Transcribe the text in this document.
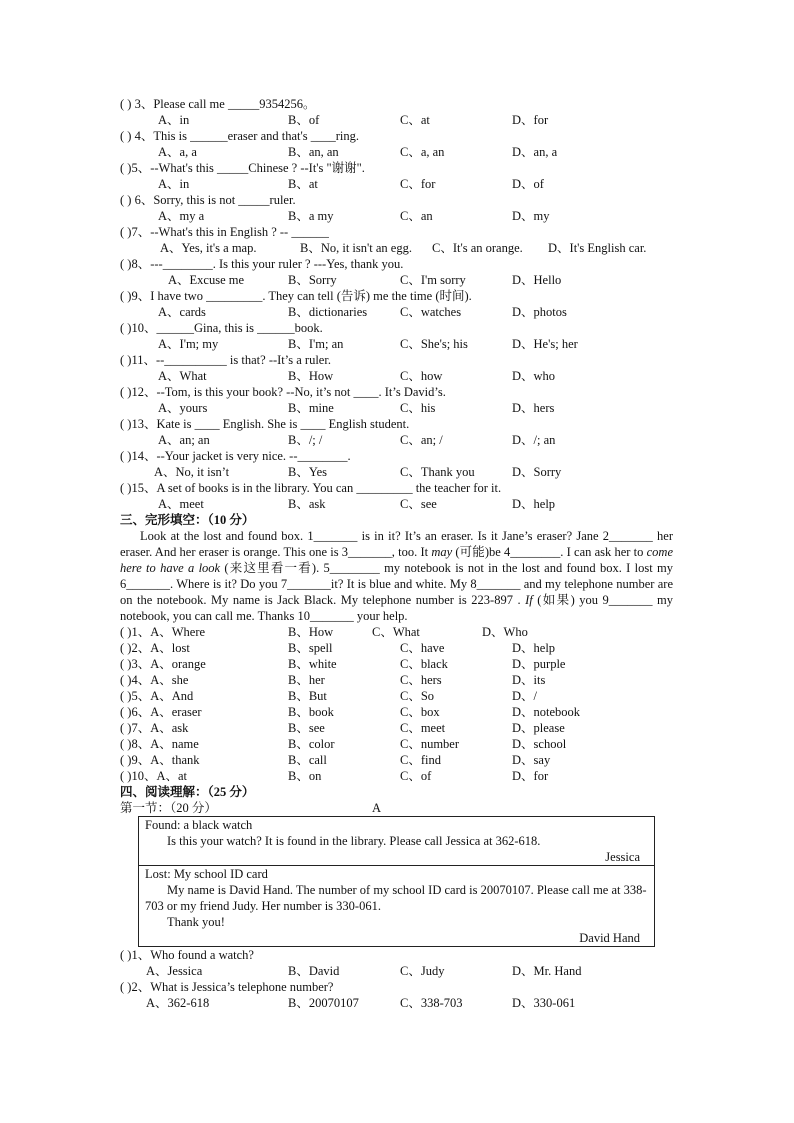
( ) 3、Please call me _____9354256。
A、in	B、of	C、at	D、for
( ) 4、This is ______eraser and that's ____ring.
A、a, a	B、an, an	C、a, an	D、an, a
( )5、--What's this _____Chinese ? --It's "谢谢".
A、in	B、at	C、for	D、of
( ) 6、Sorry, this is not _____ruler.
A、my a	B、a my	C、an	D、my
( )7、--What's this in English ? -- ______
A、Yes, it's a map.	B、No, it isn't an egg. C、It's an orange. D、It's English car.
( )8、---________. Is this your ruler ? ---Yes, thank you.
A、Excuse me	B、Sorry	C、I'm sorry	D、Hello
( )9、I have two _________. They can tell (告诉) me the time (时间).
A、cards	B、dictionaries	C、watches	D、photos
( )10、______Gina, this is ______book.
A、I'm; my	B、I'm; an	C、She's; his	D、He's; her
( )11、--__________ is that? --It’s a ruler.
A、What	B、How	C、how	D、who
( )12、--Tom, is this your book? --No, it’s not ____. It’s David’s.
A、yours	B、mine	C、his	D、hers
( )13、Kate is ____ English. She is ____ English student.
A、an; an	B、/; /	C、an; /	D、/; an
( )14、--Your jacket is very nice. --________.
A、No, it isn’t	B、Yes	C、Thank you	D、Sorry
( )15、A set of books is in the library. You can _________ the teacher for it.
A、meet	B、ask	C、see	D、help
三、完形填空：（10 分）

Look at the lost and found box. 1_______ is in it? It’s an eraser. Is it Jane’s eraser? Jane 2_______ her eraser. And her eraser is orange. This one is 3_______, too. It may (可能)be 4________. I can ask her to come here to have a look (来这里看一看). 5________ my notebook is not in the lost and found box. I lost my 6_______. Where is it? Do you 7_______it? It is blue and white. My 8_______ and my telephone number are on the notebook. My name is Jack Black. My telephone number is 223-897 . If (如果) you 9_______ my notebook, you can call me. Thanks 10_______ your help.

( )1、A、Where	B、How	C、What	D、Who
( )2、A、lost	B、spell	C、have	D、help
( )3、A、orange	B、white	C、black	D、purple
( )4、A、she	B、her	C、hers	D、its
( )5、A、And	B、But	C、So	D、/
( )6、A、eraser	B、book	C、box	D、notebook
( )7、A、ask	B、see	C、meet	D、please
( )8、A、name	B、color	C、number	D、school
( )9、A、thank	B、call	C、find	D、say
( )10、A、at	B、on	C、of	D、for
四、阅读理解：（25 分）
第一节：（20 分）	A
Found: a black watch
Is this your watch? It is found in the library. Please call Jessica at 362-618.
Jessica
Lost: My school ID card
My name is David Hand. The number of my school ID card is 20070107. Please call me at 338-703 or my friend Judy. Her number is 330-061.
Thank you!
David Hand
( )1、Who found a watch?
A、Jessica	B、David	C、Judy	D、Mr. Hand
( )2、What is Jessica’s telephone number?
A、362-618	B、20070107	C、338-703	D、330-061
